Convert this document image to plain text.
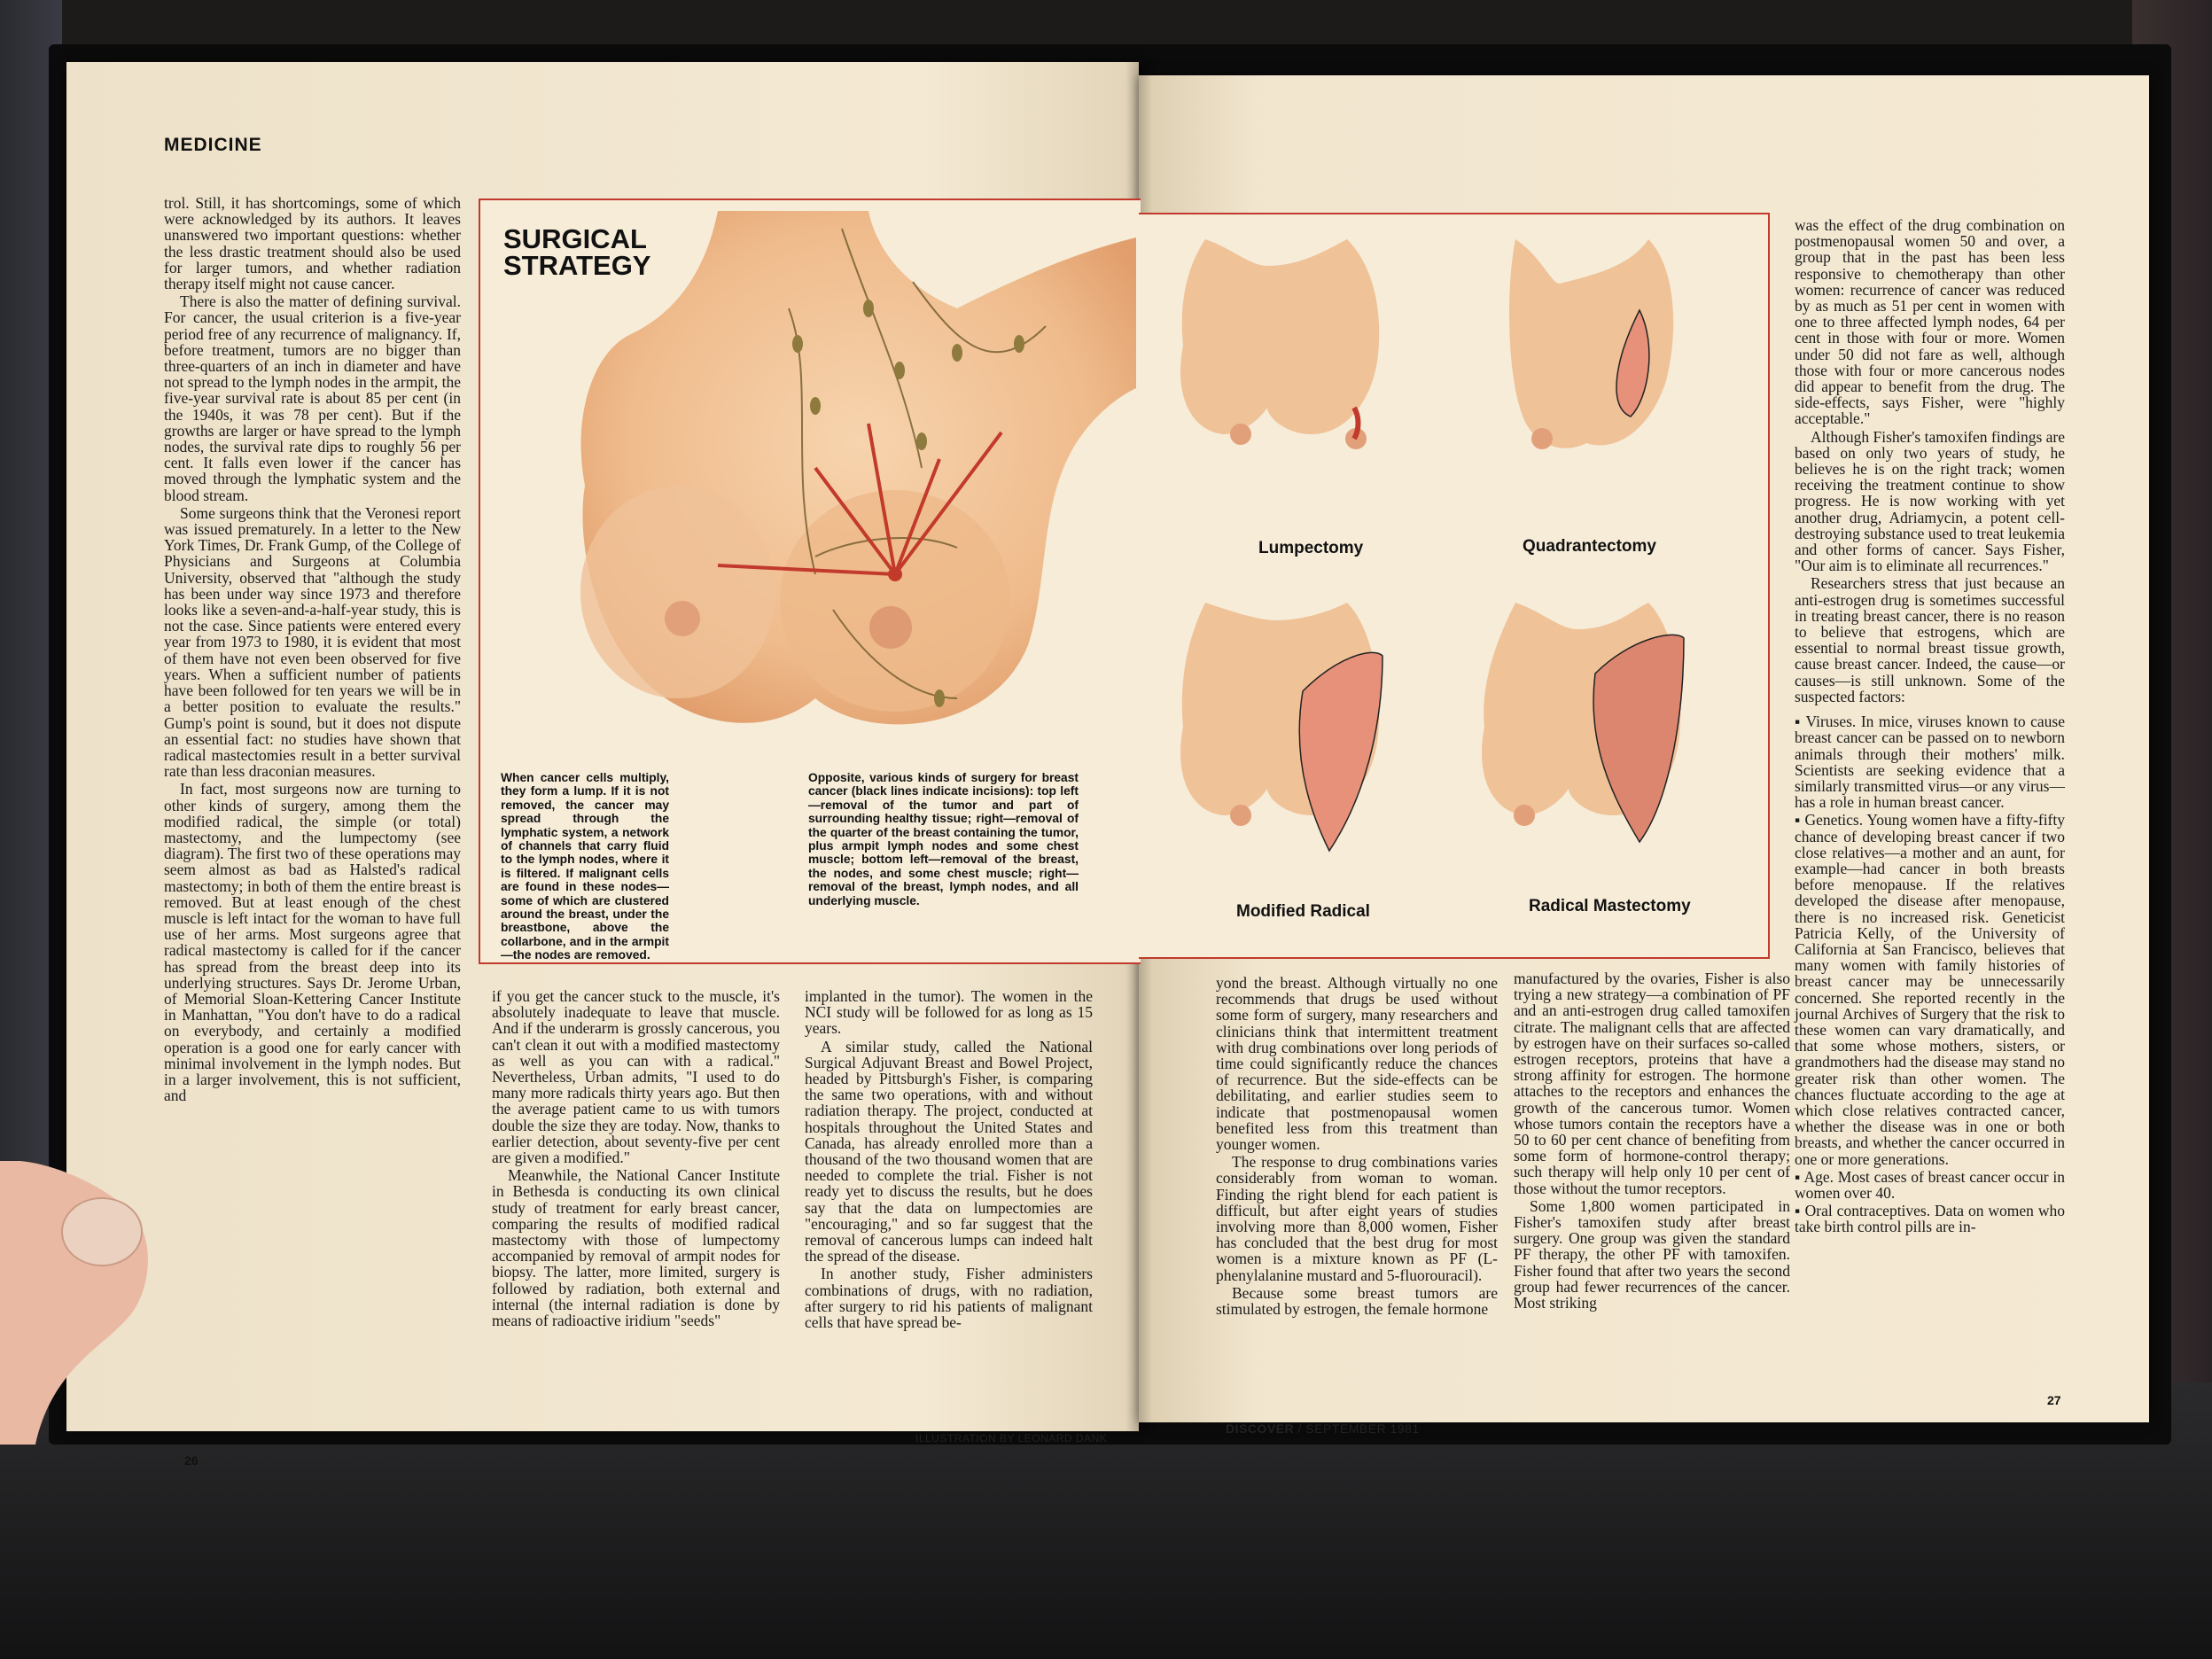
MEDICINE

trol. Still, it has shortcomings, some of which were acknowledged by its authors. It leaves unanswered two important questions: whether the less drastic treatment should also be used for larger tumors, and whether radiation therapy itself might not cause cancer.

There is also the matter of defining survival. For cancer, the usual criterion is a five-year period free of any recurrence of malignancy. If, before treatment, tumors are no bigger than three-quarters of an inch in diameter and have not spread to the lymph nodes in the armpit, the five-year survival rate is about 85 per cent (in the 1940s, it was 78 per cent). But if the growths are larger or have spread to the lymph nodes, the survival rate dips to roughly 56 per cent. It falls even lower if the cancer has moved through the lymphatic system and the blood stream.

Some surgeons think that the Veronesi report was issued prematurely. In a letter to the New York Times, Dr. Frank Gump, of the College of Physicians and Surgeons at Columbia University, observed that "although the study has been under way since 1973 and therefore looks like a seven-and-a-half-year study, this is not the case. Since patients were entered every year from 1973 to 1980, it is evident that most of them have not even been observed for five years. When a sufficient number of patients have been followed for ten years we will be in a better position to evaluate the results." Gump's point is sound, but it does not dispute an essential fact: no studies have shown that radical mastectomies result in a better survival rate than less draconian measures.

In fact, most surgeons now are turning to other kinds of surgery, among them the modified radical, the simple (or total) mastectomy, and the lumpectomy (see diagram). The first two of these operations may seem almost as bad as Halsted's radical mastectomy; in both of them the entire breast is removed. But at least enough of the chest muscle is left intact for the woman to have full use of her arms. Most surgeons agree that radical mastectomy is called for if the cancer has spread from the breast deep into its underlying structures. Says Dr. Jerome Urban, of Memorial Sloan-Kettering Cancer Institute in Manhattan, "You don't have to do a radical on everybody, and certainly a modified operation is a good one for early cancer with minimal involvement in the lymph nodes. But in a larger involvement, this is not sufficient, and

SURGICAL
STRATEGY
When cancer cells multiply, they form a lump. If it is not removed, the cancer may spread through the lymphatic system, a network of channels that carry fluid to the lymph nodes, where it is filtered. If malignant cells are found in these nodes—some of which are clustered around the breast, under the breastbone, above the collarbone, and in the armpit—the nodes are removed.
Opposite, various kinds of surgery for breast cancer (black lines indicate incisions): top left—removal of the tumor and part of surrounding healthy tissue; right—removal of the quarter of the breast containing the tumor, plus armpit lymph nodes and some chest muscle; bottom left—removal of the breast, the nodes, and some chest muscle; right—removal of the breast, lymph nodes, and all underlying muscle.

if you get the cancer stuck to the muscle, it's absolutely inadequate to leave that muscle. And if the underarm is grossly cancerous, you can't clean it out with a modified mastectomy as well as you can with a radical." Nevertheless, Urban admits, "I used to do many more radicals thirty years ago. But then the average patient came to us with tumors double the size they are today. Now, thanks to earlier detection, about seventy-five per cent are given a modified."

Meanwhile, the National Cancer Institute in Bethesda is conducting its own clinical study of treatment for early breast cancer, comparing the results of modified radical mastectomy with those of lumpectomy accompanied by removal of armpit nodes for biopsy. The latter, more limited, surgery is followed by radiation, both external and internal (the internal radiation is done by means of radioactive iridium "seeds"

implanted in the tumor). The women in the NCI study will be followed for as long as 15 years.

A similar study, called the National Surgical Adjuvant Breast and Bowel Project, headed by Pittsburgh's Fisher, is comparing the same two operations, with and without radiation therapy. The project, conducted at hospitals throughout the United States and Canada, has already enrolled more than a thousand of the two thousand women that are needed to complete the trial. Fisher is not ready yet to discuss the results, but he does say that the data on lumpectomies are "encouraging," and so far suggest that the removal of cancerous lumps can indeed halt the spread of the disease.

In another study, Fisher administers combinations of drugs, with no radiation, after surgery to rid his patients of malignant cells that have spread be-

26
ILLUSTRATION BY LEONARD DANK
Lumpectomy	Quadrantectomy
Modified Radical	Radical Mastectomy

yond the breast. Although virtually no one recommends that drugs be used without some form of surgery, many researchers and clinicians think that intermittent treatment with drug combinations over long periods of time could significantly reduce the chances of recurrence. But the side-effects can be debilitating, and earlier studies seem to indicate that postmenopausal women benefited less from this treatment than younger women.

The response to drug combinations varies considerably from woman to woman. Finding the right blend for each patient is difficult, but after eight years of studies involving more than 8,000 women, Fisher has concluded that the best drug for most women is a mixture known as PF (L-phenylalanine mustard and 5-fluorouracil).

Because some breast tumors are stimulated by estrogen, the female hormone

manufactured by the ovaries, Fisher is also trying a new strategy—a combination of PF and an anti-estrogen drug called tamoxifen citrate. The malignant cells that are affected by estrogen have on their surfaces so-called estrogen receptors, proteins that have a strong affinity for estrogen. The hormone attaches to the receptors and enhances the growth of the cancerous tumor. Women whose tumors contain the receptors have a 50 to 60 per cent chance of benefiting from some form of hormone-control therapy; such therapy will help only 10 per cent of those without the tumor receptors.

Some 1,800 women participated in Fisher's tamoxifen study after breast surgery. One group was given the standard PF therapy, the other PF with tamoxifen. Fisher found that after two years the second group had fewer recurrences of the cancer. Most striking

was the effect of the drug combination on postmenopausal women 50 and over, a group that in the past has been less responsive to chemotherapy than other women: recurrence of cancer was reduced by as much as 51 per cent in women with one to three affected lymph nodes, 64 per cent in those with four or more. Women under 50 did not fare as well, although those with four or more cancerous nodes did appear to benefit from the drug. The side-effects, says Fisher, were "highly acceptable."

Although Fisher's tamoxifen findings are based on only two years of study, he believes he is on the right track; women receiving the treatment continue to show progress. He is now working with yet another drug, Adriamycin, a potent cell-destroying substance used to treat leukemia and other forms of cancer. Says Fisher, "Our aim is to eliminate all recurrences."

Researchers stress that just because an anti-estrogen drug is sometimes successful in treating breast cancer, there is no reason to believe that estrogens, which are essential to normal breast tissue growth, cause breast cancer. Indeed, the cause—or causes—is still unknown. Some of the suspected factors:

▪ Viruses. In mice, viruses known to cause breast cancer can be passed on to newborn animals through their mothers' milk. Scientists are seeking evidence that a similarly transmitted virus—or any virus—has a role in human breast cancer.

▪ Genetics. Young women have a fifty-fifty chance of developing breast cancer if two close relatives—a mother and an aunt, for example—had cancer in both breasts before menopause. If the relatives developed the disease after menopause, there is no increased risk. Geneticist Patricia Kelly, of the University of California at San Francisco, believes that many women with family histories of breast cancer may be unnecessarily concerned. She reported recently in the journal Archives of Surgery that the risk to these women can vary dramatically, and that some whose mothers, sisters, or grandmothers had the disease may stand no greater risk than other women. The chances fluctuate according to the age at which close relatives contracted cancer, whether the disease was in one or both breasts, and whether the cancer occurred in one or more generations.

▪ Age. Most cases of breast cancer occur in women over 40.

▪ Oral contraceptives. Data on women who take birth control pills are in-

DISCOVER / SEPTEMBER 1981
27
